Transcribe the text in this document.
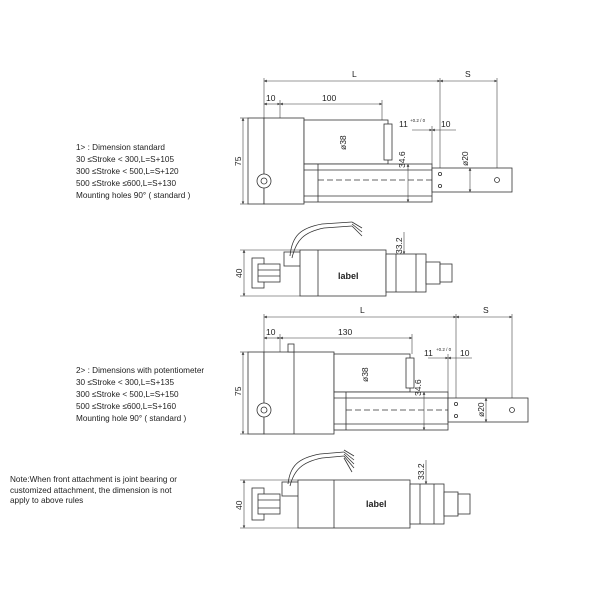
1> : Dimension standard
30 ≤Stroke < 300,L=S+105
300 ≤Stroke < 500,L=S+120
500 ≤Stroke ≤600,L=S+130
Mounting holes 90° ( standard )
2> : Dimensions with potentiometer
30 ≤Stroke < 300,L=S+135
300 ≤Stroke < 500,L=S+150
500 ≤Stroke ≤600,L=S+160
Mounting hole 90° ( standard )
Note:When front attachment is joint bearing or customized attachment, the dimension is not apply to above rules
L	S
10	100
11 +0.2 / 0 10
ø38
34.6	ø20
75
33.2
40	label
L	S
10	130
11 +0.2 / 0 10
ø38
34.6
ø20
75
33.2
40	label
